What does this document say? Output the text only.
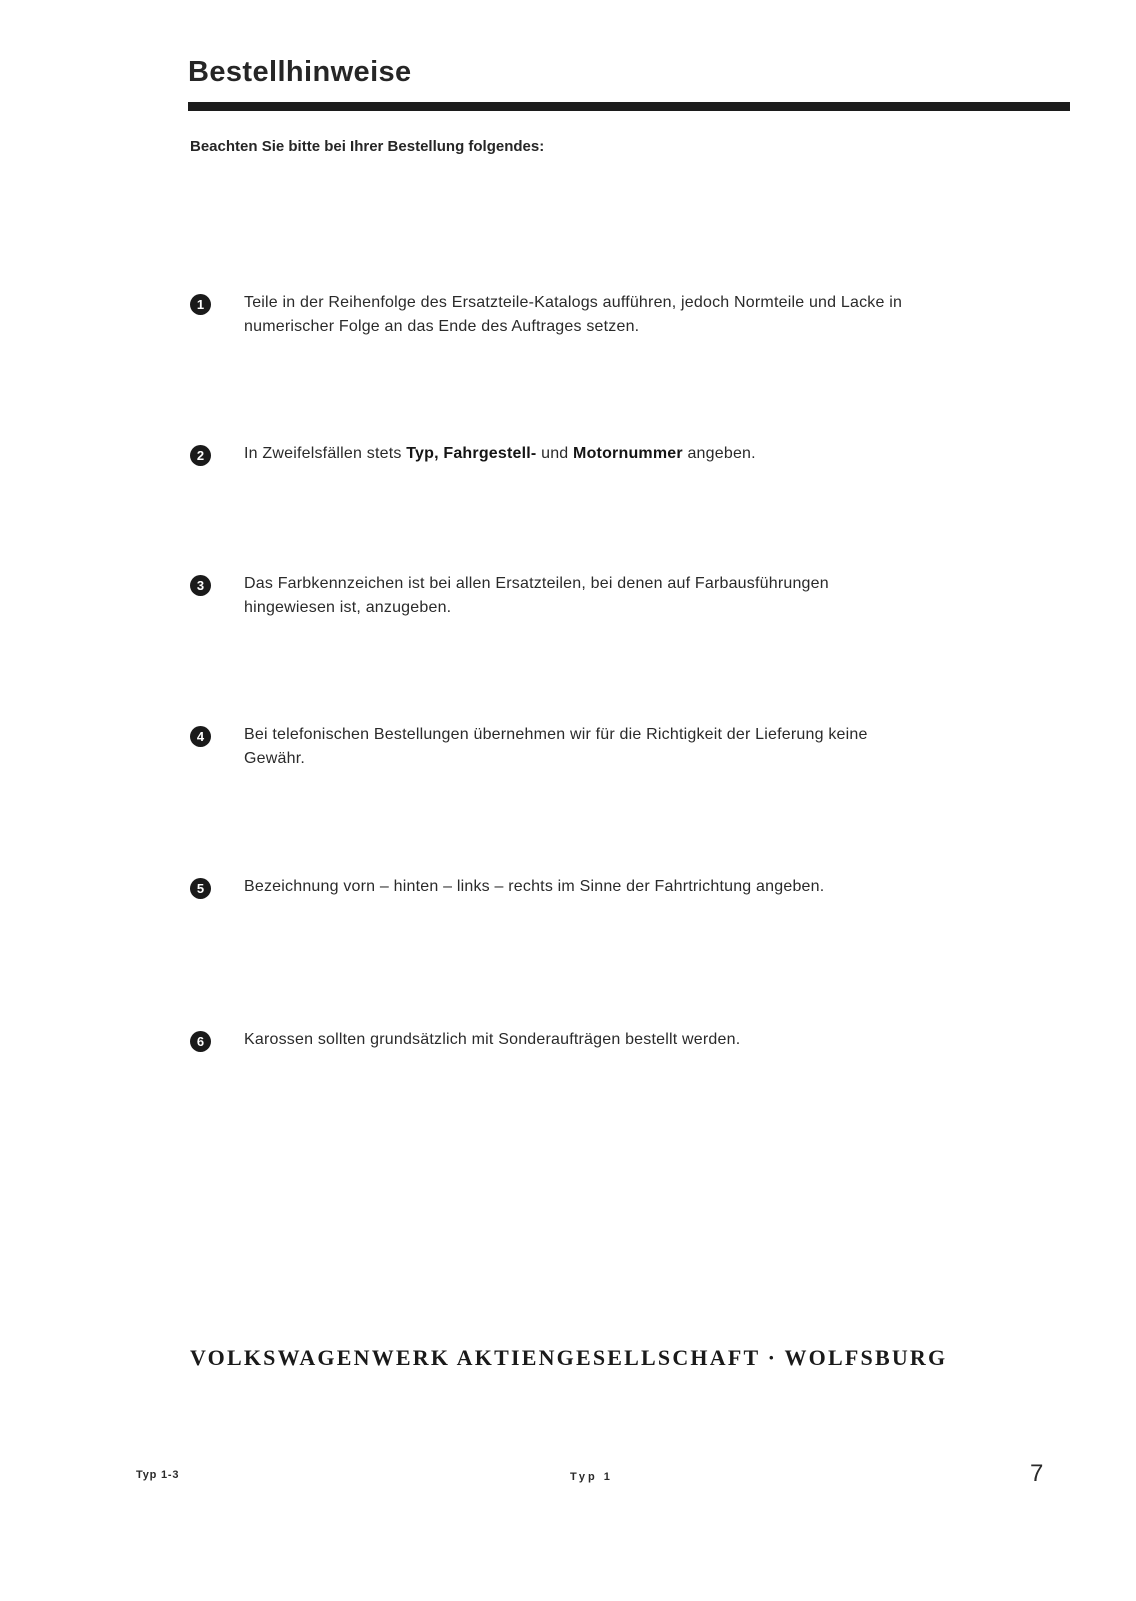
Bestellhinweise

Beachten Sie bitte bei Ihrer Bestellung folgendes:

1	Teile in der Reihenfolge des Ersatzteile-Katalogs aufführen, jedoch Normteile und Lacke in numerischer Folge an das Ende des Auftrages setzen.
2	In Zweifelsfällen stets Typ, Fahrgestell- und Motornummer angeben.
3	Das Farbkennzeichen ist bei allen Ersatzteilen, bei denen auf Farbausführungen hingewiesen ist, anzugeben.
4	Bei telefonischen Bestellungen übernehmen wir für die Richtigkeit der Lieferung keine Gewähr.
5	Bezeichnung vorn – hinten – links – rechts im Sinne der Fahrtrichtung angeben.
6	Karossen sollten grundsätzlich mit Sonderaufträgen bestellt werden.

VOLKSWAGENWERK AKTIENGESELLSCHAFT · WOLFSBURG

Typ 1-3	Typ 1	7
